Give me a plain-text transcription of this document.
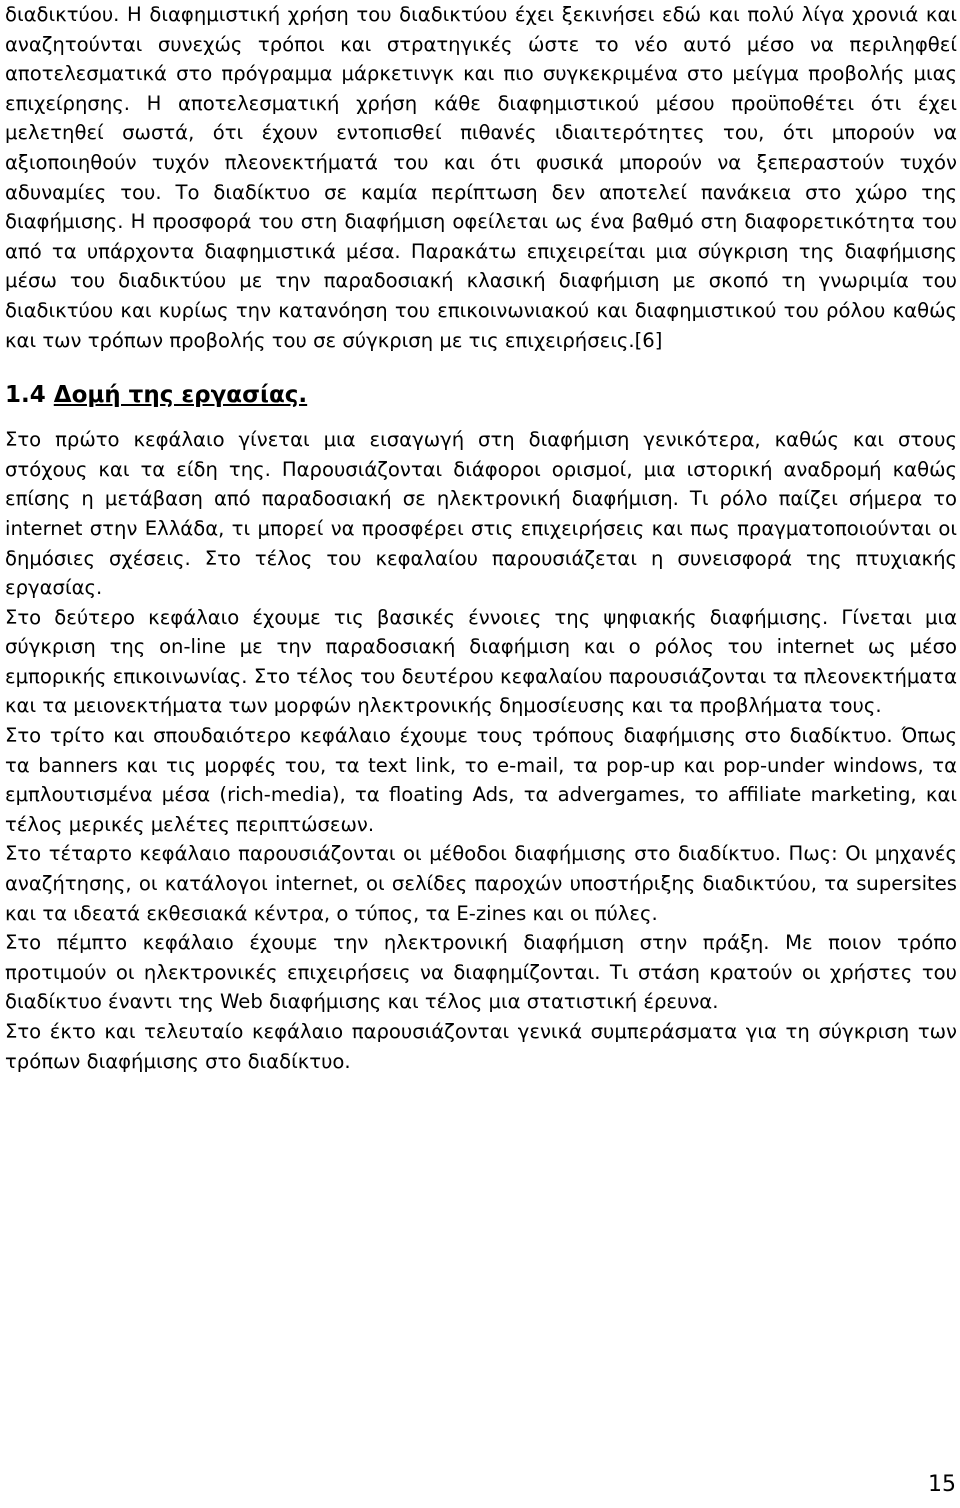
διαδικτύου. Η διαφημιστική χρήση του διαδικτύου έχει ξεκινήσει εδώ και πολύ λίγα χρονιά και αναζητούνται συνεχώς τρόποι και στρατηγικές ώστε το νέο αυτό μέσο να περιληφθεί αποτελεσματικά στο πρόγραμμα μάρκετινγκ και πιο συγκεκριμένα στο μείγμα προβολής μιας επιχείρησης. Η αποτελεσματική χρήση κάθε διαφημιστικού μέσου προϋποθέτει ότι έχει μελετηθεί σωστά, ότι έχουν εντοπισθεί πιθανές ιδιαιτερότητες του, ότι μπορούν να αξιοποιηθούν τυχόν πλεονεκτήματά του και ότι φυσικά μπορούν να ξεπεραστούν τυχόν αδυναμίες του. Το διαδίκτυο σε καμία περίπτωση δεν αποτελεί πανάκεια στο χώρο της διαφήμισης. Η προσφορά του στη διαφήμιση οφείλεται ως ένα βαθμό στη διαφορετικότητα του από τα υπάρχοντα διαφημιστικά μέσα. Παρακάτω επιχειρείται μια σύγκριση της διαφήμισης μέσω του διαδικτύου με την παραδοσιακή κλασική διαφήμιση με σκοπό τη γνωριμία του διαδικτύου και κυρίως την κατανόηση του επικοινωνιακού και διαφημιστικού του ρόλου καθώς και των τρόπων προβολής του σε σύγκριση με τις επιχειρήσεις.[6]

1.4 Δομή της εργασίας.

Στο πρώτο κεφάλαιο γίνεται μια εισαγωγή στη διαφήμιση γενικότερα, καθώς και στους στόχους και τα είδη της. Παρουσιάζονται διάφοροι ορισμοί, μια ιστορική αναδρομή καθώς επίσης η μετάβαση από παραδοσιακή σε ηλεκτρονική διαφήμιση. Τι ρόλο παίζει σήμερα το internet στην Ελλάδα, τι μπορεί να προσφέρει στις επιχειρήσεις και πως πραγματοποιούνται οι δημόσιες σχέσεις. Στο τέλος του κεφαλαίου παρουσιάζεται η συνεισφορά της πτυχιακής εργασίας.

Στο δεύτερο κεφάλαιο έχουμε τις βασικές έννοιες της ψηφιακής διαφήμισης. Γίνεται μια σύγκριση της on-line με την παραδοσιακή διαφήμιση και ο ρόλος του internet ως μέσο εμπορικής επικοινωνίας. Στο τέλος του δευτέρου κεφαλαίου παρουσιάζονται τα πλεονεκτήματα και τα μειονεκτήματα των μορφών ηλεκτρονικής δημοσίευσης και τα προβλήματα τους.

Στο τρίτο και σπουδαιότερο κεφάλαιο έχουμε τους τρόπους διαφήμισης στο διαδίκτυο. Όπως τα banners και τις μορφές του, τα text link, το e-mail, τα pop-up και pop-under windows, τα εμπλουτισμένα μέσα (rich-media), τα floating Ads, τα advergames, το affiliate marketing, και τέλος μερικές μελέτες περιπτώσεων.

Στο τέταρτο κεφάλαιο παρουσιάζονται οι μέθοδοι διαφήμισης στο διαδίκτυο. Πως: Οι μηχανές αναζήτησης, οι κατάλογοι internet, οι σελίδες παροχών υποστήριξης διαδικτύου, τα supersites και τα ιδεατά εκθεσιακά κέντρα, ο τύπος, τα E-zines και οι πύλες.

Στο πέμπτο κεφάλαιο έχουμε την ηλεκτρονική διαφήμιση στην πράξη. Με ποιον τρόπο προτιμούν οι ηλεκτρονικές επιχειρήσεις να διαφημίζονται. Τι στάση κρατούν οι χρήστες του διαδίκτυο έναντι της Web διαφήμισης και τέλος μια στατιστική έρευνα.

Στο έκτο και τελευταίο κεφάλαιο παρουσιάζονται γενικά συμπεράσματα για τη σύγκριση των τρόπων διαφήμισης στο διαδίκτυο.

15
